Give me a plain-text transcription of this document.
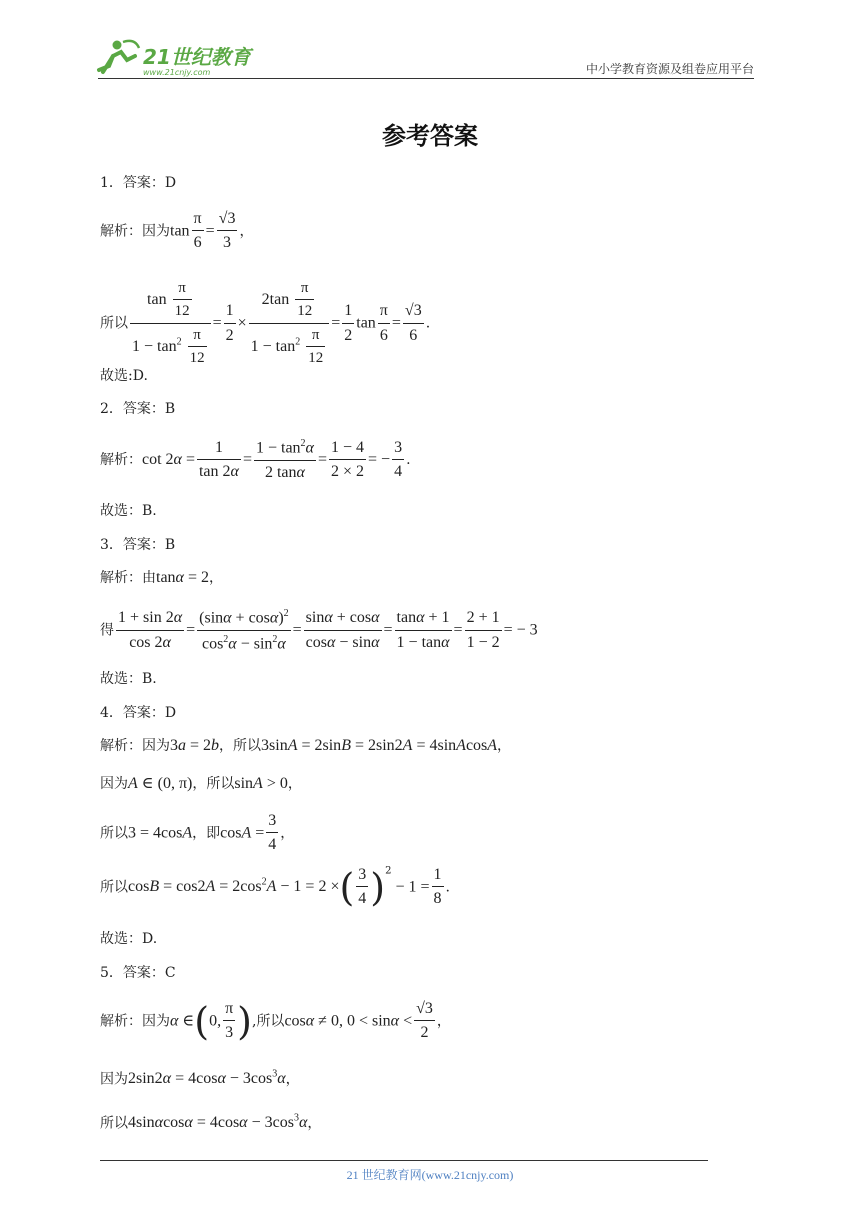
21世纪教育
www.21cnjy.com	中小学教育资源及组卷应用平台
参考答案
1．答案：D
解析：因为$\tan \frac{\pi}{6} = \frac{√3}{3}$ ，
所以 $\frac{\tan \frac{\pi}{12}}{1 - \tan^2 \frac{\pi}{12}} = \frac{1}{2} \times \frac{2\tan \frac{\pi}{12}}{1 - \tan^2 \frac{\pi}{12}} = \frac{1}{2}$ $\tan \frac{\pi}{6} = \frac{√3}{6}$ .
故选:D.
2．答案：B
解析：$\cot 2\alpha = \frac{1}{\tan 2\alpha} = \frac{1 - \tan^2\alpha}{2 \tan\alpha} = \frac{1 - 4}{2 \times 2}$ = − $\frac{3}{4}$ .
故选：B.
3．答案：B
解析：由tanα = 2，
得 $\frac{1 + \sin 2\alpha}{\cos 2\alpha} = \frac{(\sin\alpha + \cos\alpha)^2}{\cos^2\alpha - \sin^2\alpha} = \frac{\sin\alpha + \cos\alpha}{\cos\alpha - \sin\alpha} = \frac{\tan\alpha + 1}{1 - \tan\alpha} = \frac{2 + 1}{1 - 2}$ = − 3
故选：B.
4．答案：D
解析：因为3a = 2b，所以3sinA = 2sinB = 2sin2A = 4sinAcosA，
因为A ∈ (0, π)，所以sinA > 0，
所以3 = 4cosA，即$\cos A = \frac{3}{4}$ ，
所以$\cos B = \cos 2A = 2\cos^2A - 1 = 2$ ×( $\frac{3}{4} )^2 - 1 = \frac{1}{8}$ .
故选：D.
5．答案：C
解析：因为α ∈(0, $\frac{\pi}{3}$ ),所以cosα ≠ 0, $0 < \sin\alpha < \frac{√3}{2}$ ，
因为$2\sin 2\alpha = 4\cos\alpha - 3\cos^3\alpha$，
所以$4\sin\alpha\cos\alpha = 4\cos\alpha - 3\cos^3\alpha$，
21 世纪教育网(www.21cnjy.com)
